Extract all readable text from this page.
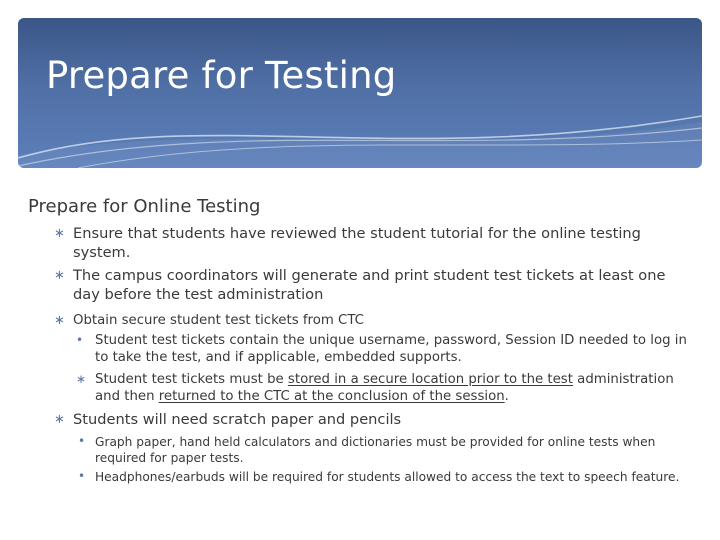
Prepare for Testing
Prepare for Online Testing
∗ Ensure that students have reviewed the student tutorial for the online testing system.
∗ The campus coordinators will generate and print student test tickets at least one day before the test administration
∗ Obtain secure student test tickets from CTC
• Student test tickets contain the unique username, password, Session ID needed to log in to take the test, and if applicable, embedded supports.
∗ Student test tickets must be stored in a secure location prior to the test administration and then returned to the CTC at the conclusion of the session.
∗ Students will need scratch paper and pencils
• Graph paper, hand held calculators and dictionaries must be provided for online tests when required for paper tests.
• Headphones/earbuds will be required for students allowed to access the text to speech feature.
